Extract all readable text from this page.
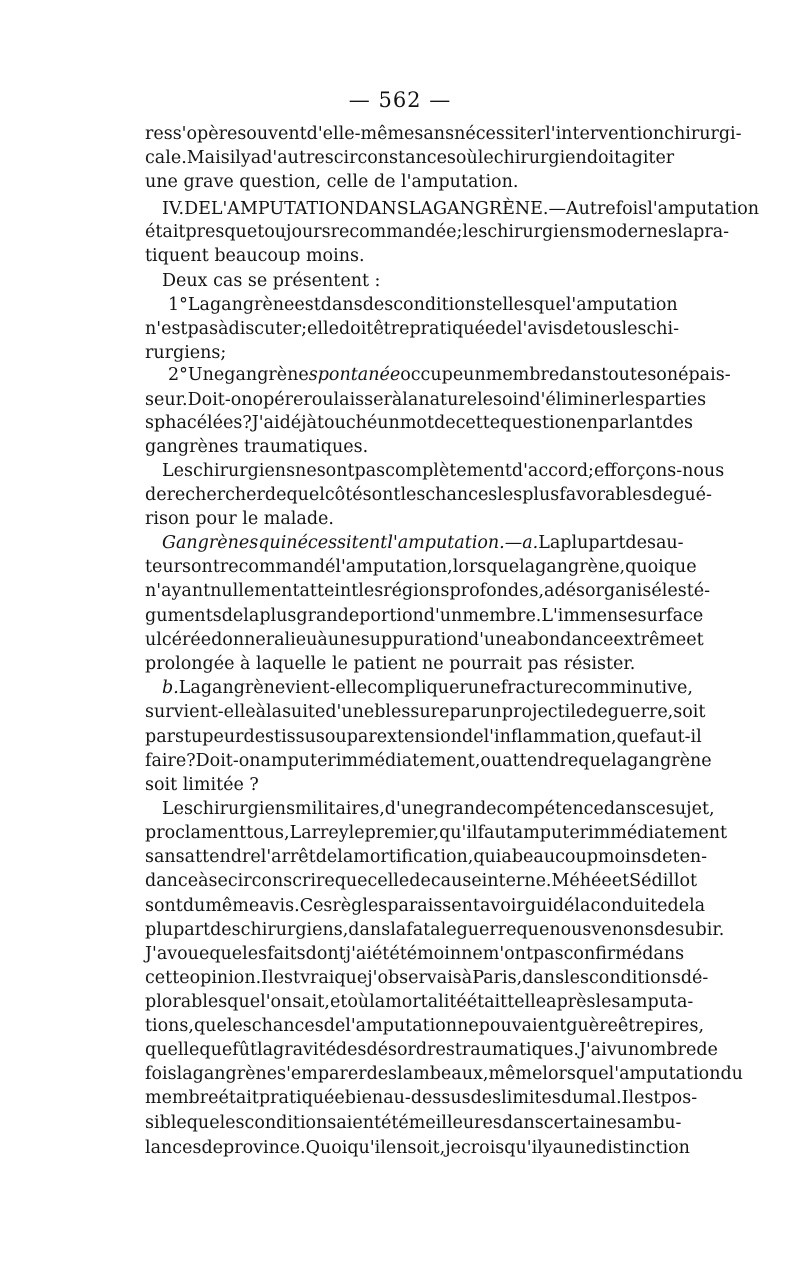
— 562 —
res s'opère souvent d'elle-même sans nécessiter l'intervention chirurgi-
cale. Mais il y a d'autres circonstances où le chirurgien doit agiter
une grave question, celle de l'amputation.
IV. DE L'AMPUTATION DANS LA GANGRÈNE. — Autrefois l'amputation
était presque toujours recommandée ; les chirurgiens modernes la pra-
tiquent beaucoup moins.
Deux cas se présentent :
1° La gangrène est dans des conditions telles que l'amputation
n'est pas à discuter; elle doit être pratiquée de l'avis de tous les chi-
rurgiens;
2° Une gangrène spontanée occupe un membre dans toute son épais-
seur. Doit-on opérer ou laisser à la nature le soin d'éliminer les parties
sphacélées? J'ai déjà touché un mot de cette question en parlant des
gangrènes traumatiques.
Les chirurgiens ne sont pas complètement d'accord ; efforçons-nous
de rechercher de quel côté sont les chances les plus favorables de gué-
rison pour le malade.
Gangrènes qui nécessitent l'amputation. — a. La plupart des au-
teurs ont recommandé l'amputation, lorsque la gangrène, quoique
n'ayant nullement atteint les régions profondes, a désorganisé les té-
guments de la plus grande portion d'un membre. L'immense surface
ulcérée donnera lieu à une suppuration d'une abondance extrême et
prolongée à laquelle le patient ne pourrait pas résister.
b. La gangrène vient-elle compliquer une fracture comminutive,
survient-elle à la suite d'une blessure par un projectile de guerre, soit
par stupeur des tissus ou par extension de l'inflammation, que faut-il
faire ? Doit-on amputer immédiatement, ou attendre que la gangrène
soit limitée ?
Les chirurgiens militaires, d'une grande compétence dans ce sujet,
proclament tous, Larrey le premier, qu'il faut amputer immédiatement
sans attendre l'arrêt de la mortification, qui a beaucoup moins de ten-
dance à se circonscrire que celle de cause interne. Méhée et Sédillot
sont du même avis. Ces règles paraissent avoir guidé la conduite de la
plupart des chirurgiens, dans la fatale guerre que nous venons de subir.
J'avoue que les faits dont j'ai été témoin ne m'ont pas confirmé dans
cette opinion. Il est vrai que j'observais à Paris, dans les conditions dé-
plorables que l'on sait, et où la mortalité était telle après les amputa-
tions, que les chances de l'amputation ne pouvaient guère être pires,
quelle que fût la gravité des désordres traumatiques. J'ai vu nombre de
fois la gangrène s'emparer des lambeaux, même lorsque l'amputation du
membre était pratiquée bien au-dessus des limites du mal. Il est pos-
sible que les conditions aient été meilleures dans certaines ambu-
lances de province. Quoi qu'il en soit, je crois qu'il y a une distinction
